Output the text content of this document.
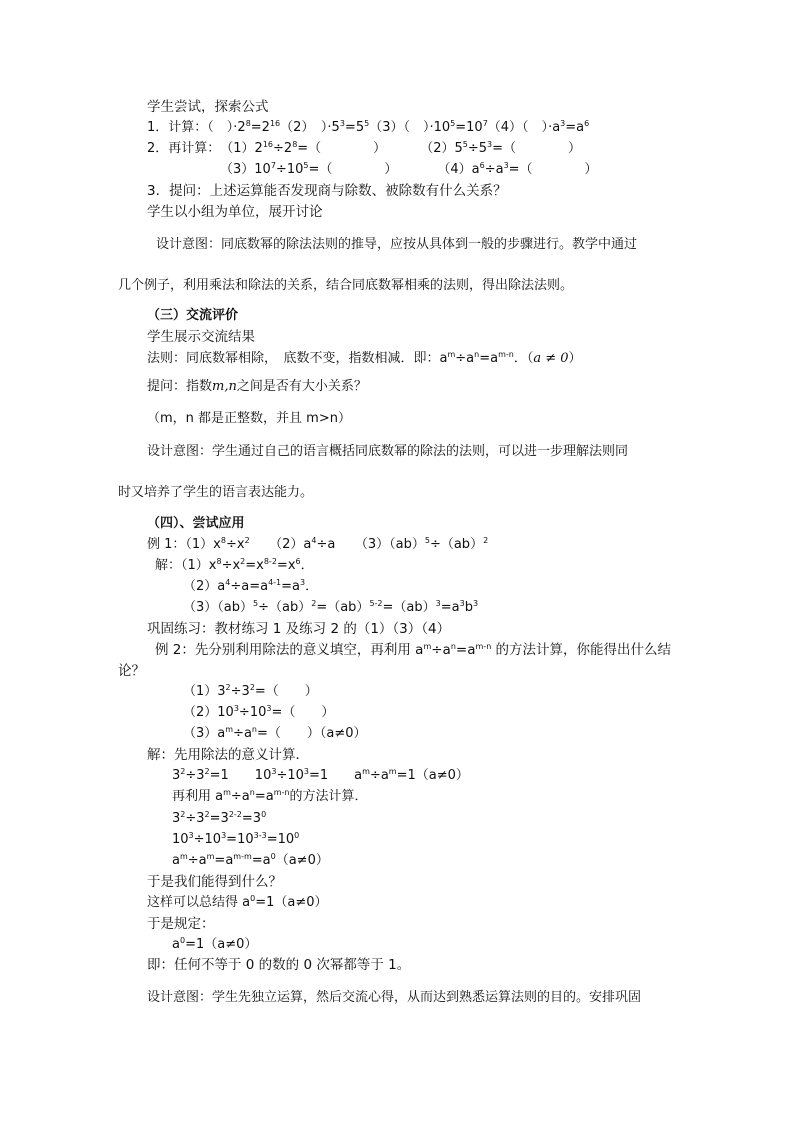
学生尝试，探索公式
1．计算：（　）$\cdot 2^8=2^{16}(2)$　）$\cdot 5^3=5^5(3)$（　）$\cdot 10^5=10^7(4)$（　）$\cdot a^3=a^6$
2．再计算：　$(1)2^{16}\div 2^8=$（　　　　）	$(2)5^5\div 5^3=$（　　　　）
$(3)10^7\div 10^5=$（　　　　）	$(4)a^6\div a^3=$（　　　　）
3．提问：上述运算能否发现商与除数、被除数有什么关系？
学生以小组为单位，展开讨论
设计意图：同底数幂的除法法则的推导，应按从具体到一般的步骤进行。教学中通过
几个例子，利用乘法和除法的关系，结合同底数幂相乘的法则，得出除法法则。
（三）交流评价
学生展示交流结果
法则：同底数幂相除，　底数不变，指数相减．即：$a^m\div a^n=a^{m-n}$．（a ≠ 0）
提问：指数m,n之间是否有大小关系？
（m，n 都是正整数，并且 m>n）
设计意图：学生通过自己的语言概括同底数幂的除法的法则，可以进一步理解法则同
时又培养了学生的语言表达能力。
（四）、尝试应用
例 1：$(1)x^8\div x^2$　　$(2)a^4\div a$　　（3）（ab）$^5$÷（ab）$^2$
解：$(1)x^8\div x^2=x^{8-2}=x^6$．
$(2)a^4\div a=a^{4-1}=a^3$．
$(3)(ab)^5\div(ab)^2=(ab)^{5-2}=(ab)^3=a^3b^3$
巩固练习：教材练习 1 及练习 2 的（1）（3）（4）
例 2：先分别利用除法的意义填空，再利用 $a^m\div a^n=a^{m-n}$ 的方法计算，你能得出什么结
论？
$(1)3^2\div 3^2=$（　　）
$(2)10^3\div 10^3=$（　　）
$(3)a^m\div a^n=$（　　）（a≠0）
解：先用除法的意义计算．
$3^2\div 3^2=1$　　$10^3\div 10^3=1$　　$a^m\div a^m=1(a\ne 0)$
再利用 $a^m\div a^n=a^{m-n}$的方法计算．
$3^2\div 3^2=3^{2-2}=3^0$
$10^3\div 10^3=10^{3-3}=10^0$
$a^m\div a^m=a^{m-m}=a^0(a\ne 0)$
于是我们能得到什么？
这样可以总结得 $a^0=1(a\ne 0)$
于是规定：
$a^0=1(a\ne 0)$
即：任何不等于 0 的数的 0 次幂都等于 1。
设计意图：学生先独立运算，然后交流心得，从而达到熟悉运算法则的目的。安排巩固
